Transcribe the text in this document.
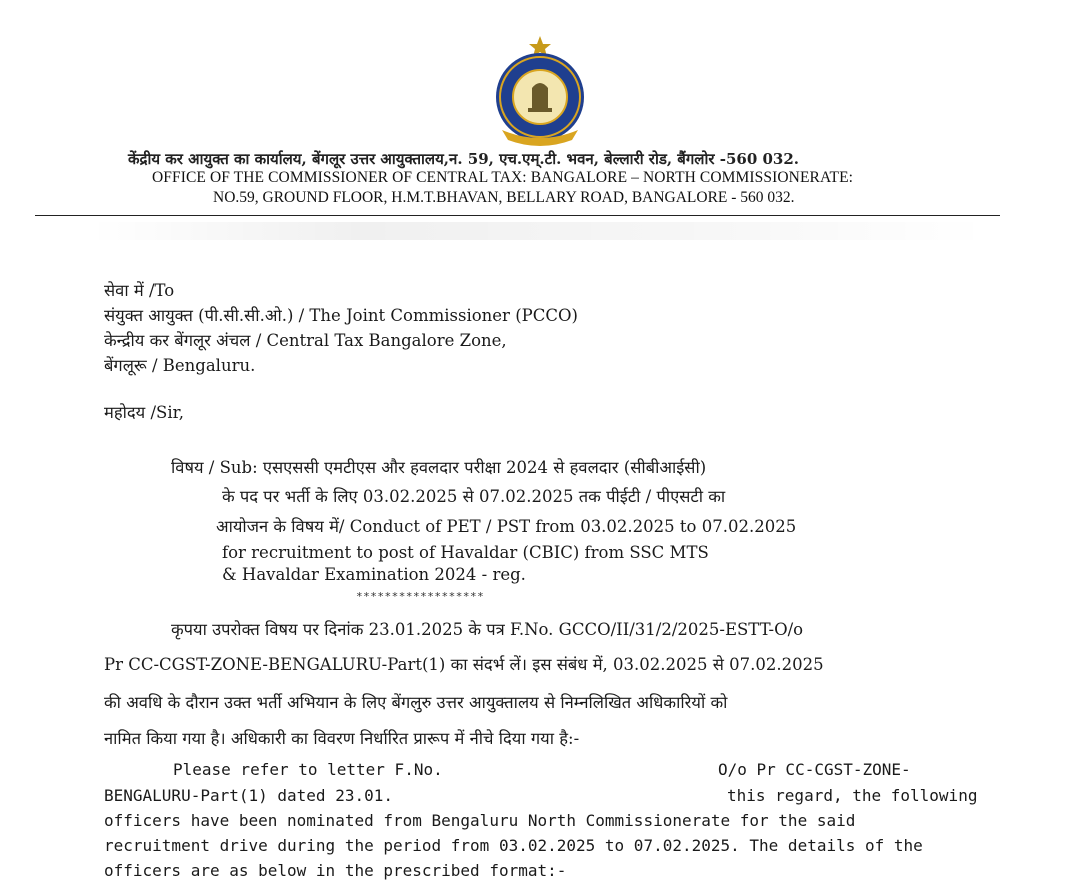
केंद्रीय कर आयुक्त का कार्यालय, बेंगलूर उत्तर आयुक्तालय,न. 59, एच.एम्.टी. भवन, बेल्लारी रोड, बैंगलोर -560 032.
OFFICE OF THE COMMISSIONER OF CENTRAL TAX: BANGALORE – NORTH COMMISSIONERATE:
NO.59, GROUND FLOOR, H.M.T.BHAVAN, BELLARY ROAD, BANGALORE - 560 032.
सेवा में /To
संयुक्त आयुक्त (पी.सी.सी.ओ.) / The Joint Commissioner (PCCO)
केन्द्रीय कर बेंगलूर अंचल / Central Tax Bangalore Zone,
बेंगलूरू / Bengaluru.
महोदय /Sir,
विषय / Sub: एसएससी एमटीएस और हवलदार परीक्षा 2024 से हवलदार (सीबीआईसी)
के पद पर भर्ती के लिए 03.02.2025 से 07.02.2025 तक पीईटी / पीएसटी का
आयोजन के विषय में/ Conduct of PET / PST from 03.02.2025 to 07.02.2025
for recruitment to post of Havaldar (CBIC) from SSC MTS
& Havaldar Examination 2024 - reg.
******************
कृपया उपरोक्त विषय पर दिनांक 23.01.2025 के पत्र F.No. GCCO/II/31/2/2025-ESTT-O/o
Pr CC-CGST-ZONE-BENGALURU-Part(1) का संदर्भ लें। इस संबंध में, 03.02.2025 से 07.02.2025
की अवधि के दौरान उक्त भर्ती अभियान के लिए बेंगलुरु उत्तर आयुक्तालय से निम्नलिखित अधिकारियों को
नामित किया गया है। अधिकारी का विवरण निर्धारित प्रारूप में नीचे दिया गया है:-
Please refer to letter F.No.	O/o Pr CC-CGST-ZONE-
BENGALURU-Part(1) dated 23.01.	this regard, the following
officers have been nominated from Bengaluru North Commissionerate for the said
recruitment drive during the period from 03.02.2025 to 07.02.2025. The details of the
officers are as below in the prescribed format:-
